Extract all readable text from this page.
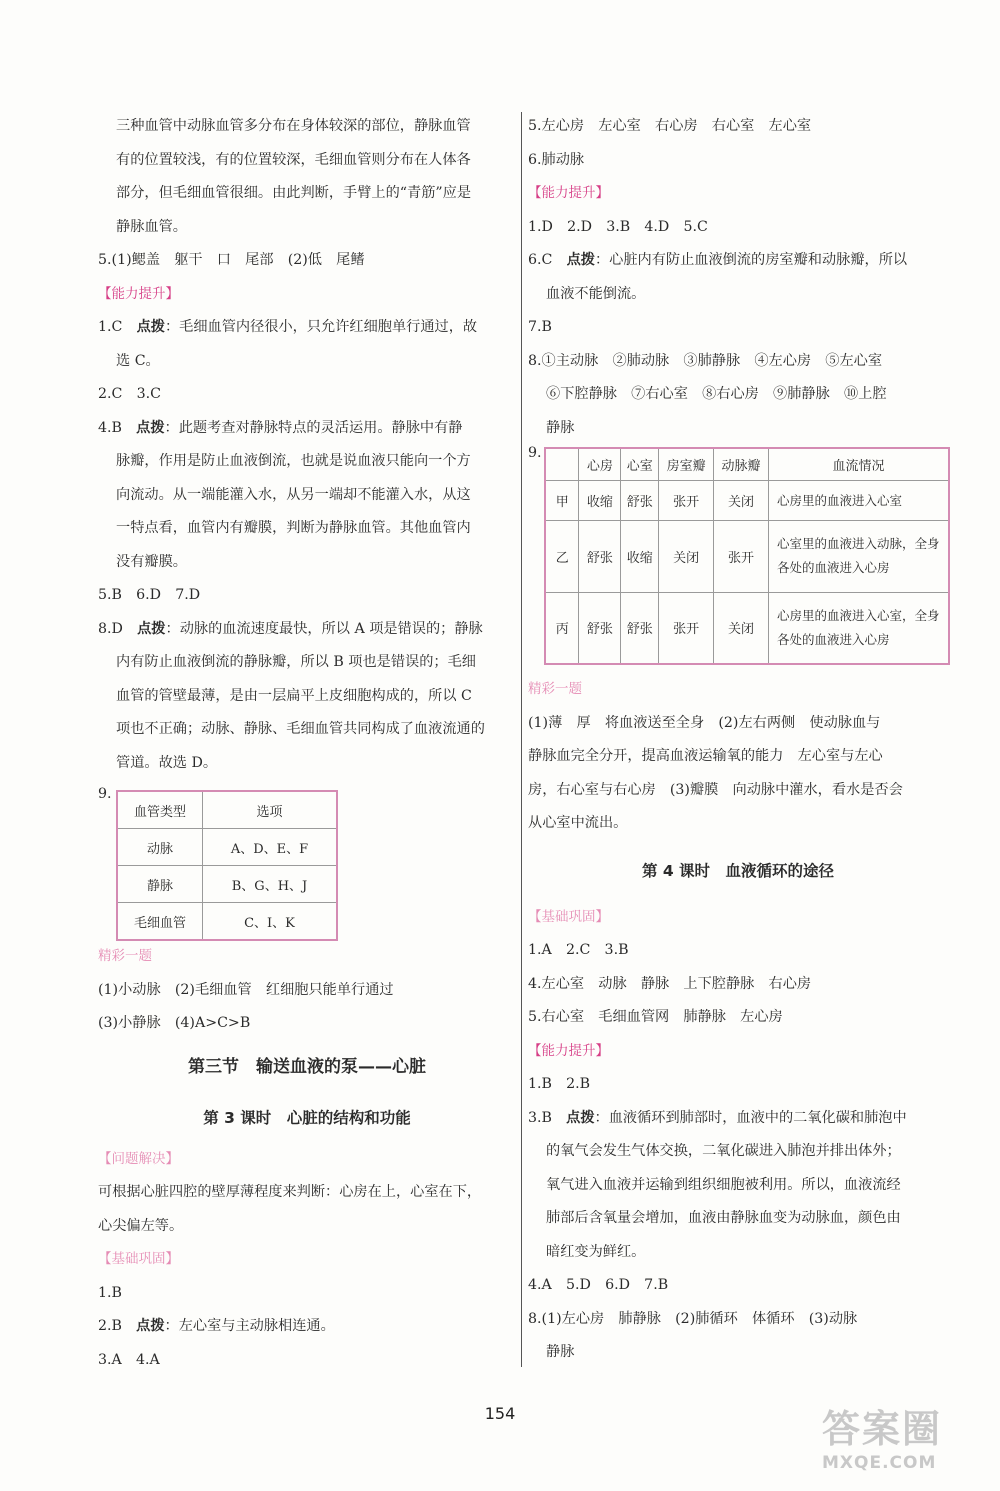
三种血管中动脉血管多分布在身体较深的部位，静脉血管
有的位置较浅，有的位置较深，毛细血管则分布在人体各
部分，但毛细血管很细。由此判断，手臂上的“青筋”应是
静脉血管。
5.(1)鳃盖　躯干　口　尾部　(2)低　尾鳍
【能力提升】
1.C　点拨：毛细血管内径很小，只允许红细胞单行通过，故
选 C。
2.C　3.C
4.B　点拨：此题考查对静脉特点的灵活运用。静脉中有静
脉瓣，作用是防止血液倒流，也就是说血液只能向一个方
向流动。从一端能灌入水，从另一端却不能灌入水，从这
一特点看，血管内有瓣膜，判断为静脉血管。其他血管内
没有瓣膜。
5.B　6.D　7.D
8.D　点拨：动脉的血流速度最快，所以 A 项是错误的；静脉
内有防止血液倒流的静脉瓣，所以 B 项也是错误的；毛细
血管的管壁最薄，是由一层扁平上皮细胞构成的，所以 C
项也不正确；动脉、静脉、毛细血管共同构成了血液流通的
管道。故选 D。
9.
血管类型	选项
动脉	A、D、E、F
静脉	B、G、H、J
毛细血管	C、I、K
精彩一题
(1)小动脉　(2)毛细血管　红细胞只能单行通过
(3)小静脉　(4)A>C>B
第三节　输送血液的泵——心脏
第 3 课时　心脏的结构和功能
【问题解决】
可根据心脏四腔的壁厚薄程度来判断：心房在上，心室在下，
心尖偏左等。
【基础巩固】
1.B
2.B　点拨：左心室与主动脉相连通。
3.A　4.A
5.左心房　左心室　右心房　右心室　左心室
6.肺动脉
【能力提升】
1.D　2.D　3.B　4.D　5.C
6.C　点拨：心脏内有防止血液倒流的房室瓣和动脉瓣，所以
血液不能倒流。
7.B
8.①主动脉　②肺动脉　③肺静脉　④左心房　⑤左心室
⑥下腔静脉　⑦右心室　⑧右心房　⑨肺静脉　⑩上腔
静脉
9.
	心房	心室	房室瓣	动脉瓣	血流情况
甲	收缩	舒张	张开	关闭	心房里的血液进入心室
乙	舒张	收缩	关闭	张开	心室里的血液进入动脉，全身各处的血液进入心房
丙	舒张	舒张	张开	关闭	心房里的血液进入心室，全身各处的血液进入心房
精彩一题
(1)薄　厚　将血液送至全身　(2)左右两侧　使动脉血与
静脉血完全分开，提高血液运输氧的能力　左心室与左心
房，右心室与右心房　(3)瓣膜　向动脉中灌水，看水是否会
从心室中流出。
第 4 课时　血液循环的途径
【基础巩固】
1.A　2.C　3.B
4.左心室　动脉　静脉　上下腔静脉　右心房
5.右心室　毛细血管网　肺静脉　左心房
【能力提升】
1.B　2.B
3.B　点拨：血液循环到肺部时，血液中的二氧化碳和肺泡中
的氧气会发生气体交换，二氧化碳进入肺泡并排出体外；
氧气进入血液并运输到组织细胞被利用。所以，血液流经
肺部后含氧量会增加，血液由静脉血变为动脉血，颜色由
暗红变为鲜红。
4.A　5.D　6.D　7.B
8.(1)左心房　肺静脉　(2)肺循环　体循环　(3)动脉
静脉
154	答案圈
MXQE.COM
